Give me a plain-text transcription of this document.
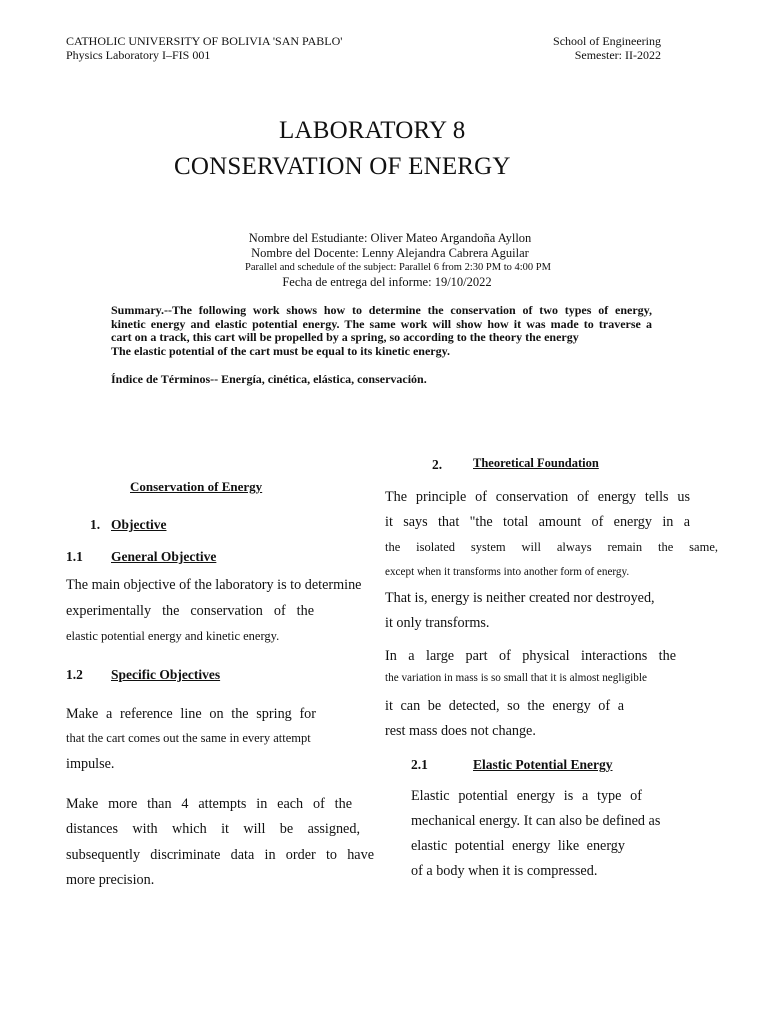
CATHOLIC UNIVERSITY OF BOLIVIA 'SAN PABLO'
Physics Laboratory I–FIS 001
School of Engineering
Semester: II-2022
LABORATORY 8
CONSERVATION OF ENERGY
Nombre del Estudiante: Oliver Mateo Argandoña Ayllon
Nombre del Docente: Lenny Alejandra Cabrera Aguilar
Parallel and schedule of the subject: Parallel 6 from 2:30 PM to 4:00 PM
Fecha de entrega del informe: 19/10/2022
Summary.--The following work shows how to determine the conservation of two types of energy,
kinetic energy and elastic potential energy. The same work will show how it was made to traverse a
cart on a track, this cart will be propelled by a spring, so according to the theory the energy
The elastic potential of the cart must be equal to its kinetic energy.
Índice de Términos-- Energía, cinética, elástica, conservación.
Conservation of Energy
1. Objective
1.1 General Objective
The main objective of the laboratory is to determine
experimentally the conservation of the
elastic potential energy and kinetic energy.
1.2 Specific Objectives
Make a reference line on the spring for
that the cart comes out the same in every attempt
impulse.
Make more than 4 attempts in each of the
distances with which it will be assigned,
subsequently discriminate data in order to have
more precision.
2. Theoretical Foundation
The principle of conservation of energy tells us
it says that "the total amount of energy in a
the isolated system will always remain the same,
except when it transforms into another form of energy.
That is, energy is neither created nor destroyed,
it only transforms.
In a large part of physical interactions the
the variation in mass is so small that it is almost negligible
it can be detected, so the energy of a
rest mass does not change.
2.1	Elastic Potential Energy
Elastic potential energy is a type of
mechanical energy. It can also be defined as
elastic potential energy like energy
of a body when it is compressed.
